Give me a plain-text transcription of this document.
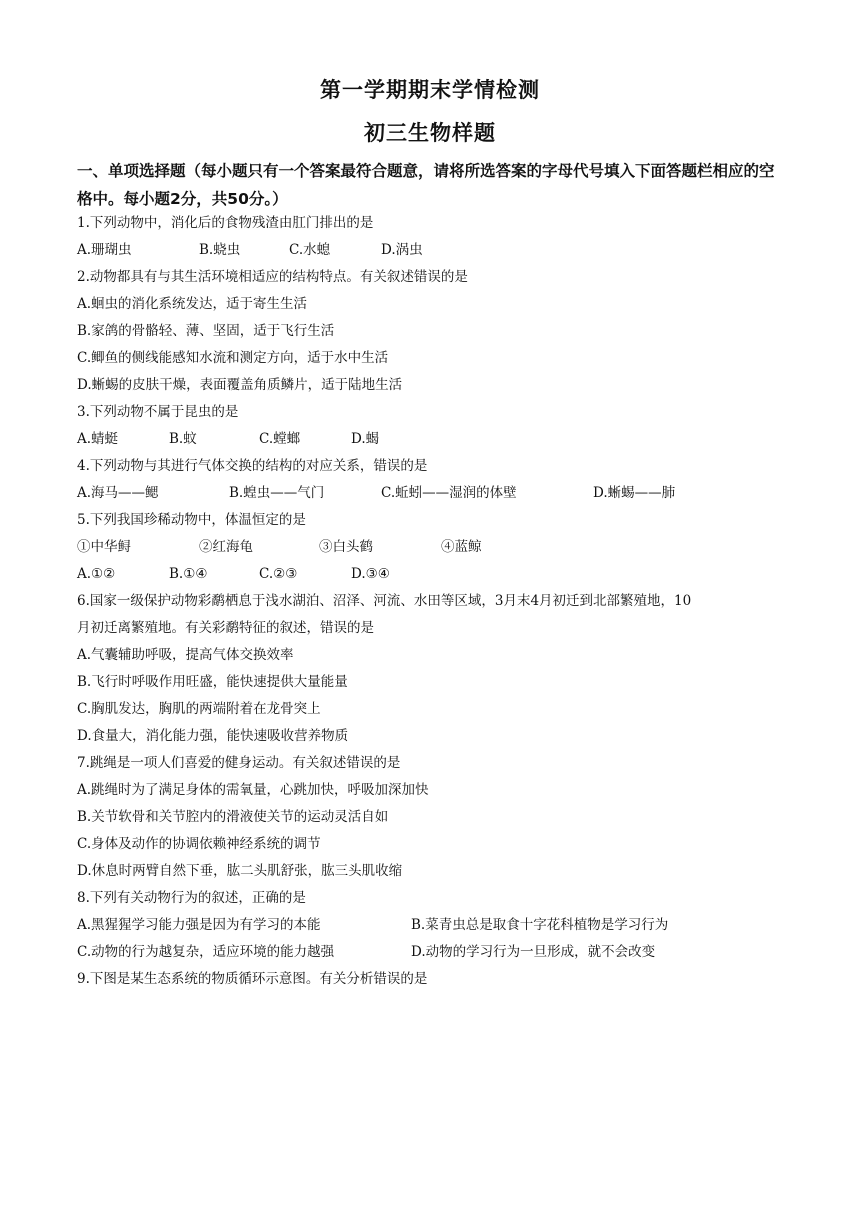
第一学期期末学情检测
初三生物样题
一、单项选择题（每小题只有一个答案最符合题意，请将所选答案的字母代号填入下面答题栏相应的空格中。每小题2分，共50分。）
1.下列动物中，消化后的食物残渣由肛门排出的是
A.珊瑚虫	B.蛲虫	C.水螅	D.涡虫
2.动物都具有与其生活环境相适应的结构特点。有关叙述错误的是
A.蛔虫的消化系统发达，适于寄生生活
B.家鸽的骨骼轻、薄、坚固，适于飞行生活
C.鲫鱼的侧线能感知水流和测定方向，适于水中生活
D.蜥蜴的皮肤干燥，表面覆盖角质鳞片，适于陆地生活
3.下列动物不属于昆虫的是
A.蜻蜓	B.蚊	C.螳螂	D.蝎
4.下列动物与其进行气体交换的结构的对应关系，错误的是
A.海马——鳃	B.蝗虫——气门	C.蚯蚓——湿润的体壁	D.蜥蜴——肺
5.下列我国珍稀动物中，体温恒定的是
①中华鲟	②红海龟	③白头鹤	④蓝鲸
A.①②	B.①④	C.②③	D.③④
6.国家一级保护动物彩鹬栖息于浅水湖泊、沼泽、河流、水田等区域，3月末4月初迁到北部繁殖地，10
月初迁离繁殖地。有关彩鹬特征的叙述，错误的是
A.气囊辅助呼吸，提高气体交换效率
B.飞行时呼吸作用旺盛，能快速提供大量能量
C.胸肌发达，胸肌的两端附着在龙骨突上
D.食量大，消化能力强，能快速吸收营养物质
7.跳绳是一项人们喜爱的健身运动。有关叙述错误的是
A.跳绳时为了满足身体的需氧量，心跳加快，呼吸加深加快
B.关节软骨和关节腔内的滑液使关节的运动灵活自如
C.身体及动作的协调依赖神经系统的调节
D.休息时两臂自然下垂，肱二头肌舒张，肱三头肌收缩
8.下列有关动物行为的叙述，正确的是
A.黑猩猩学习能力强是因为有学习的本能	B.菜青虫总是取食十字花科植物是学习行为
C.动物的行为越复杂，适应环境的能力越强	D.动物的学习行为一旦形成，就不会改变
9.下图是某生态系统的物质循环示意图。有关分析错误的是
